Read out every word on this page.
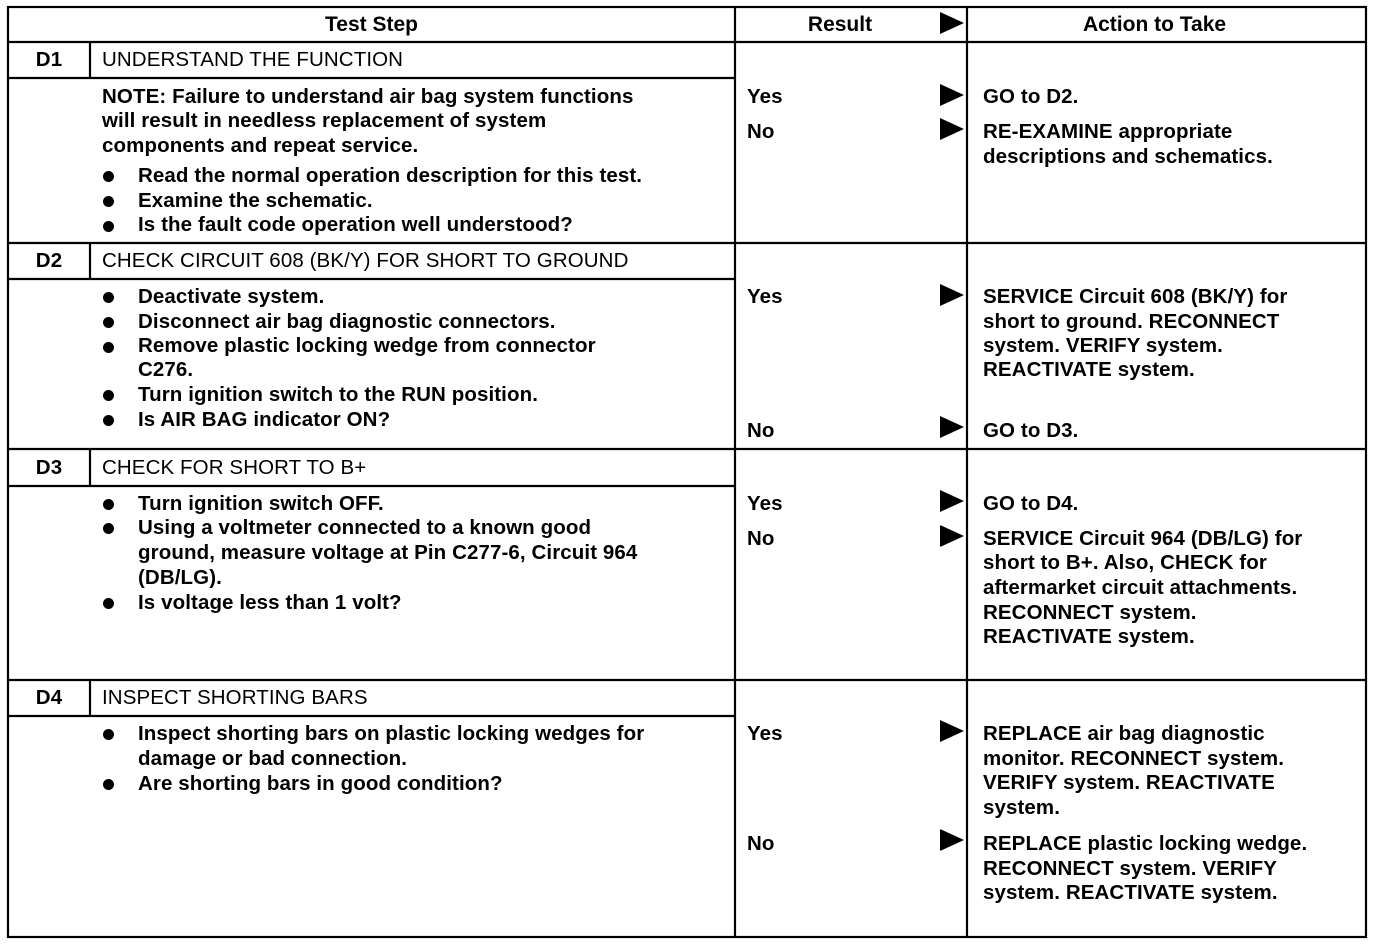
Test Step	Result	Action to Take
D1	UNDERSTAND THE FUNCTION
NOTE: Failure to understand air bag system functions
will result in needless replacement of system
components and repeat service.
Read the normal operation description for this test.
Examine the schematic.
Is the fault code operation well understood?
Yes	GO to D2.
No	RE-EXAMINE appropriate
descriptions and schematics.
D2	CHECK CIRCUIT 608 (BK/Y) FOR SHORT TO GROUND
Deactivate system.
Disconnect air bag diagnostic connectors.
Remove plastic locking wedge from connector
C276.
Turn ignition switch to the RUN position.
Is AIR BAG indicator ON?
Yes	SERVICE Circuit 608 (BK/Y) for
short to ground. RECONNECT
system. VERIFY system.
REACTIVATE system.
No	GO to D3.
D3	CHECK FOR SHORT TO B+
Turn ignition switch OFF.
Using a voltmeter connected to a known good
ground, measure voltage at Pin C277-6, Circuit 964
(DB/LG).
Is voltage less than 1 volt?
Yes	GO to D4.
No	SERVICE Circuit 964 (DB/LG) for
short to B+. Also, CHECK for
aftermarket circuit attachments.
RECONNECT system.
REACTIVATE system.
D4	INSPECT SHORTING BARS
Inspect shorting bars on plastic locking wedges for
damage or bad connection.
Are shorting bars in good condition?
Yes	REPLACE air bag diagnostic
monitor. RECONNECT system.
VERIFY system. REACTIVATE
system.
No	REPLACE plastic locking wedge.
RECONNECT system. VERIFY
system. REACTIVATE system.
